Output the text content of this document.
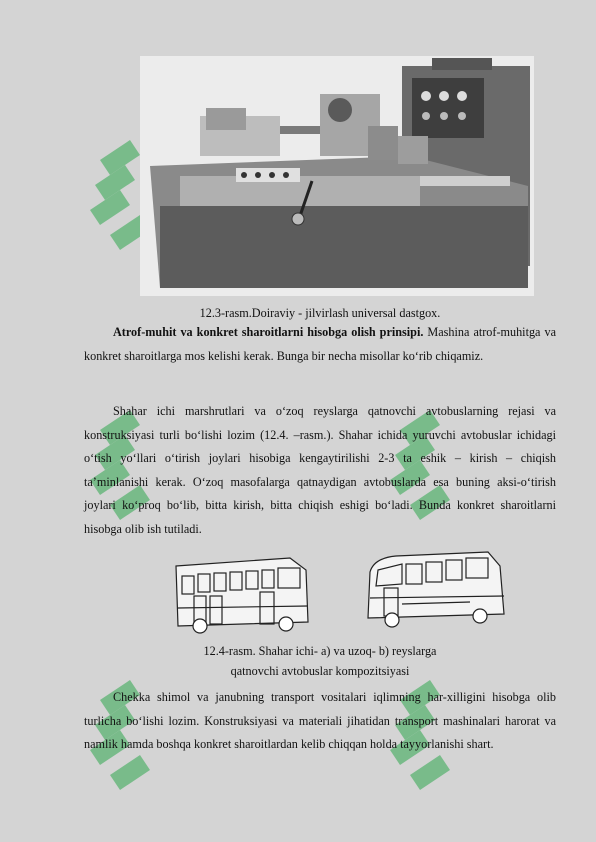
12.3-rasm.Doiraviy - jilvirlash universal dastgox.

Atrof-muhit va konkret sharoitlarni hisobga olish prinsipi. Mashina atrof-muhitga va konkret sharoitlarga mos kelishi kerak. Bunga bir necha misollar ko‘rib chiqamiz.

Shahar ichi marshrutlari va o‘zoq reyslarga qatnovchi avtobuslarning rejasi va konstruksiyasi turli bo‘lishi lozim (12.4. –rasm.). Shahar ichida yuruvchi avtobuslar ichidagi o‘tish yo‘llari o‘tirish joylari hisobiga kengaytirilishi 2-3 ta eshik – kirish – chiqish ta’minlanishi kerak. O‘zoq masofalarga qatnaydigan avtobuslarda esa buning aksi-o‘tirish joylari ko‘proq bo‘lib, bitta kirish, bitta chiqish eshigi bo‘ladi. Bunda konkret sharoitlarni hisobga olib ish tutiladi.

12.4-rasm. Shahar ichi- a) va uzoq- b) reyslarga
qatnovchi avtobuslar kompozitsiyasi

Chekka shimol va janubning transport vositalari iqlimning har-xilligini hisobga olib turlicha bo‘lishi lozim. Konstruksiyasi va materiali jihatidan transport mashinalari harorat va namlik hamda boshqa konkret sharoitlardan kelib chiqqan holda tayyorlanishi shart.
